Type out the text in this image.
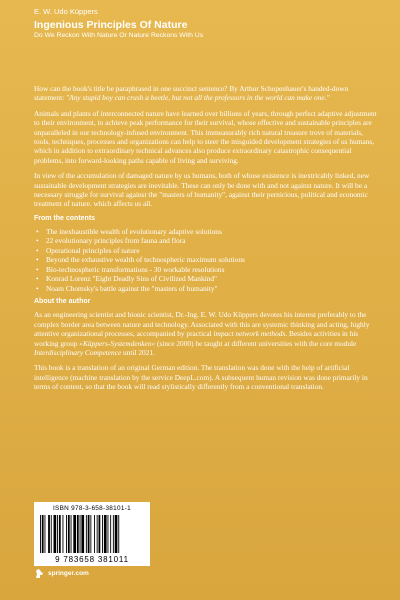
E. W. Udo Küppers
Ingenious Principles Of Nature
Do We Reckon With Nature Or Nature Reckons With Us

How can the book's title be paraphrased in one succinct sentence? By Arthur Schopenhauer's handed-down statement: "Any stupid boy can crush a beetle, but not all the professors in the world can make one."

Animals and plants of interconnected nature have learned over billions of years, through perfect adaptive adjustment to their environment, to achieve peak performance for their survival, whose effective and sustainable principles are unparalleled in our technology-infused environment. This immeasurably rich natural treasure trove of materials, tools, techniques, processes and organizations can help to steer the misguided development strategies of us humans, which in addition to extraordinary technical advances also produce extraordinary catastrophic consequential problems, into forward-looking paths capable of living and surviving.

In view of the accumulation of damaged nature by us humans, both of whose existence is inextricably linked, new sustainable development strategies are inevitable. These can only be done with and not against nature. It will be a necessary struggle for survival against the "masters of humanity", against their pernicious, political and economic treatment of nature. which affects us all.

From the contents
• The inexhaustible wealth of evolutionary adaptive solutions
• 22 evolutionary principles from fauna and flora
• Operational principles of nature
• Beyond the exhaustive wealth of technospheric maximum solutions
• Bio-technospheric transformations - 30 workable resolutions
• Konrad Lorenz "Eight Deadly Sins of Civilized Mankind"
• Noam Chomsky's battle against the "masters of humanity"
About the author

As an engineering scientist and bionic scientist, Dr.-Ing. E. W. Udo Küppers devotes his interest preferably to the complex border area between nature and technology. Associated with this are systemic thinking and acting, highly attentive organizational processes, accompanied by practical impact network methods. Besides activities in his working group »Küppers-Systemdenken« (since 2000) he taught at different universities with the core module Interdisciplinary Competence until 2021.

This book is a translation of an original German edition. The translation was done with the help of artificial intelligence (machine translation by the service DeepL.com). A subsequent human revision was done primarily in terms of content, so that the book will read stylistically differently from a conventional translation.

ISBN 978-3-658-38101-1
9 783658 381011
springer.com
